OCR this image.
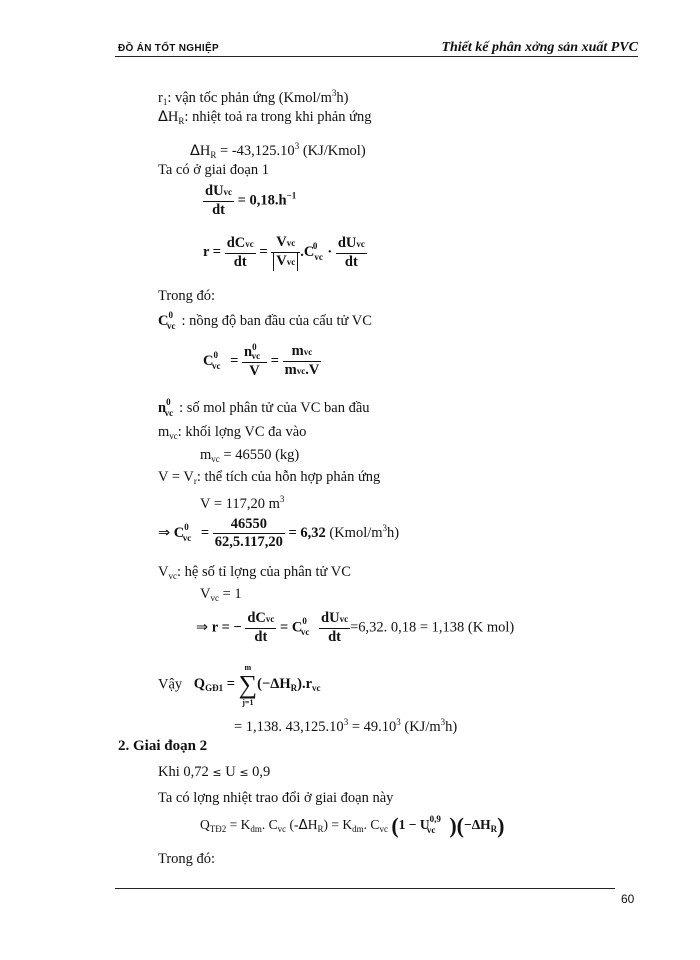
ĐỒ ÁN TỐT NGHIỆP	Thiết kế phân xởng sản xuất PVC
$r_1$: vận tốc phản ứng $(Kmol/m^3h)$
$\Delta H_R$: nhiệt toả ra trong khi phản ứng
$\Delta H_R = -43,125.10^3$ (KJ/Kmol)
Ta có ở giai đoạn 1
$\frac{\text{dUvc}}{dt} = 0,18.h^{-1}$
$r = \frac{\text{dCvc}}{dt} = \frac{\text{Vvc}}{\text{Vvc}} .C_{vc}^0 \cdot \frac{\text{dUvc}}{dt}$
Trong đó:
$C^0_{vc}$ : nồng độ ban đầu của cấu tử VC
$C^0_{vc} = \frac{n^0_{vc}}{V} = \frac{\text{mvc}}{\text{mvc.V}}$
$n^0_{vc}$ : số mol phân tử của VC ban đầu
$m_{vc}$: khối lợng VC đa vào
$m_{vc} = 46550$ (kg)
$V = V_r$: thể tích của hỗn hợp phản ứng
V = 117,20 $m^3$
⇒ $C^0_{vc} = \frac{46550}{62,5.117,20} = 6,32$ $(Kmol/m^3h)$
$V_{vc}$: hệ số tỉ lợng của phân tử VC
$V_{vc} = 1$
⇒ r = − $\frac{\text{dCvc}}{dt} = C^0_{vc} \frac{\text{dUvc}}{dt} =6,32$. 0,18 = 1,138 (K mol)
Vậy $Q_{GĐ1}$ =
m
∑
j=1
$(-\Delta H_R).r_{vc}$
= 1,138. $43,125.10^3 = 49.10^3$ $(KJ/m^3h)$
2. Giai đoạn 2
Khi 0,72 ≤ U ≤ 0,9
Ta có lợng nhiệt trao đổi ở giai đoạn này
$Q_{TĐ2} = K_{dm}$. $C_{vc}$ $(-\Delta H_R) = K_{dm}$. $C_{vc}$ (1 − U$^{0,9}_{vc}$ )$(-\Delta H_R)$
Trong đó:
60
